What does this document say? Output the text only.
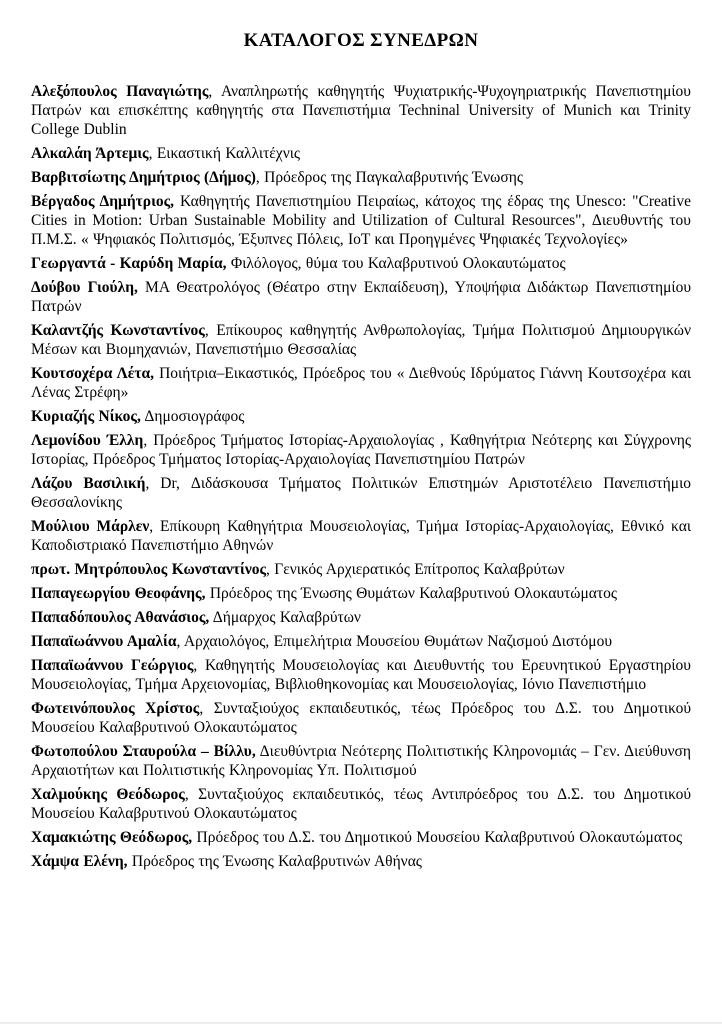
ΚΑΤΑΛΟΓΟΣ ΣΥΝΕΔΡΩΝ

Αλεξόπουλος Παναγιώτης, Αναπληρωτής καθηγητής Ψυχιατρικής-Ψυχογηριατρικής Πανεπιστημίου Πατρών και επισκέπτης καθηγητής στα Πανεπιστήμια Techninal University of Munich και Trinity College Dublin

Αλκαλάη Άρτεμις, Εικαστική Καλλιτέχνις

Βαρβιτσίωτης Δημήτριος (Δήμος), Πρόεδρος της Παγκαλαβρυτινής Ένωσης

Βέργαδος Δημήτριος, Καθηγητής Πανεπιστημίου Πειραίως, κάτοχος της έδρας της Unesco: "Creative Cities in Motion: Urban Sustainable Mobility and Utilization of Cultural Resources", Διευθυντής του Π.Μ.Σ. « Ψηφιακός Πολιτισμός, Έξυπνες Πόλεις, IoT και Προηγμένες Ψηφιακές Τεχνολογίες»

Γεωργαντά - Καρύδη Μαρία, Φιλόλογος, θύμα του Καλαβρυτινού Ολοκαυτώματος

Δούβου Γιούλη, ΜΑ Θεατρολόγος (Θέατρο στην Εκπαίδευση), Υποψήφια Διδάκτωρ Πανεπιστημίου Πατρών

Καλαντζής Κωνσταντίνος, Επίκουρος καθηγητής Ανθρωπολογίας, Τμήμα Πολιτισμού Δημιουργικών Μέσων και Βιομηχανιών, Πανεπιστήμιο Θεσσαλίας

Κουτσοχέρα Λέτα, Ποιήτρια–Εικαστικός, Πρόεδρος του « Διεθνούς Ιδρύματος Γιάννη Κουτσοχέρα και Λένας Στρέφη»

Κυριαζής Νίκος, Δημοσιογράφος

Λεμονίδου Έλλη, Πρόεδρος Τμήματος Ιστορίας-Αρχαιολογίας , Καθηγήτρια Νεότερης και Σύγχρονης Ιστορίας, Πρόεδρος Τμήματος Ιστορίας-Αρχαιολογίας Πανεπιστημίου Πατρών

Λάζου Βασιλική, Dr, Διδάσκουσα Τμήματος Πολιτικών Επιστημών Αριστοτέλειο Πανεπιστήμιο Θεσσαλονίκης

Μούλιου Μάρλεν, Επίκουρη Καθηγήτρια Μουσειολογίας, Τμήμα Ιστορίας-Αρχαιολογίας, Εθνικό και Καποδιστριακό Πανεπιστήμιο Αθηνών

πρωτ. Μητρόπουλος Κωνσταντίνος, Γενικός Αρχιερατικός Επίτροπος Καλαβρύτων

Παπαγεωργίου Θεοφάνης, Πρόεδρος της Ένωσης Θυμάτων Καλαβρυτινού Ολοκαυτώματος

Παπαδόπουλος Αθανάσιος, Δήμαρχος Καλαβρύτων

Παπαϊωάννου Αμαλία, Αρχαιολόγος, Επιμελήτρια Μουσείου Θυμάτων Ναζισμού Διστόμου

Παπαϊωάννου Γεώργιος, Καθηγητής Μουσειολογίας και Διευθυντής του Ερευνητικού Εργαστηρίου Μουσειολογίας, Τμήμα Αρχειονομίας, Βιβλιοθηκονομίας και Μουσειολογίας, Ιόνιο Πανεπιστήμιο

Φωτεινόπουλος Χρίστος, Συνταξιούχος εκπαιδευτικός, τέως Πρόεδρος του Δ.Σ. του Δημοτικού Μουσείου Καλαβρυτινού Ολοκαυτώματος

Φωτοπούλου Σταυρούλα – Βίλλυ, Διευθύντρια Νεότερης Πολιτιστικής Κληρονομιάς – Γεν. Διεύθυνση Αρχαιοτήτων και Πολιτιστικής Κληρονομίας Υπ. Πολιτισμού

Χαλμούκης Θεόδωρος, Συνταξιούχος εκπαιδευτικός, τέως Αντιπρόεδρος του Δ.Σ. του Δημοτικού Μουσείου Καλαβρυτινού Ολοκαυτώματος

Χαμακιώτης Θεόδωρος, Πρόεδρος του Δ.Σ. του Δημοτικού Μουσείου Καλαβρυτινού Ολοκαυτώματος

Χάμψα Ελένη, Πρόεδρος της Ένωσης Καλαβρυτινών Αθήνας
